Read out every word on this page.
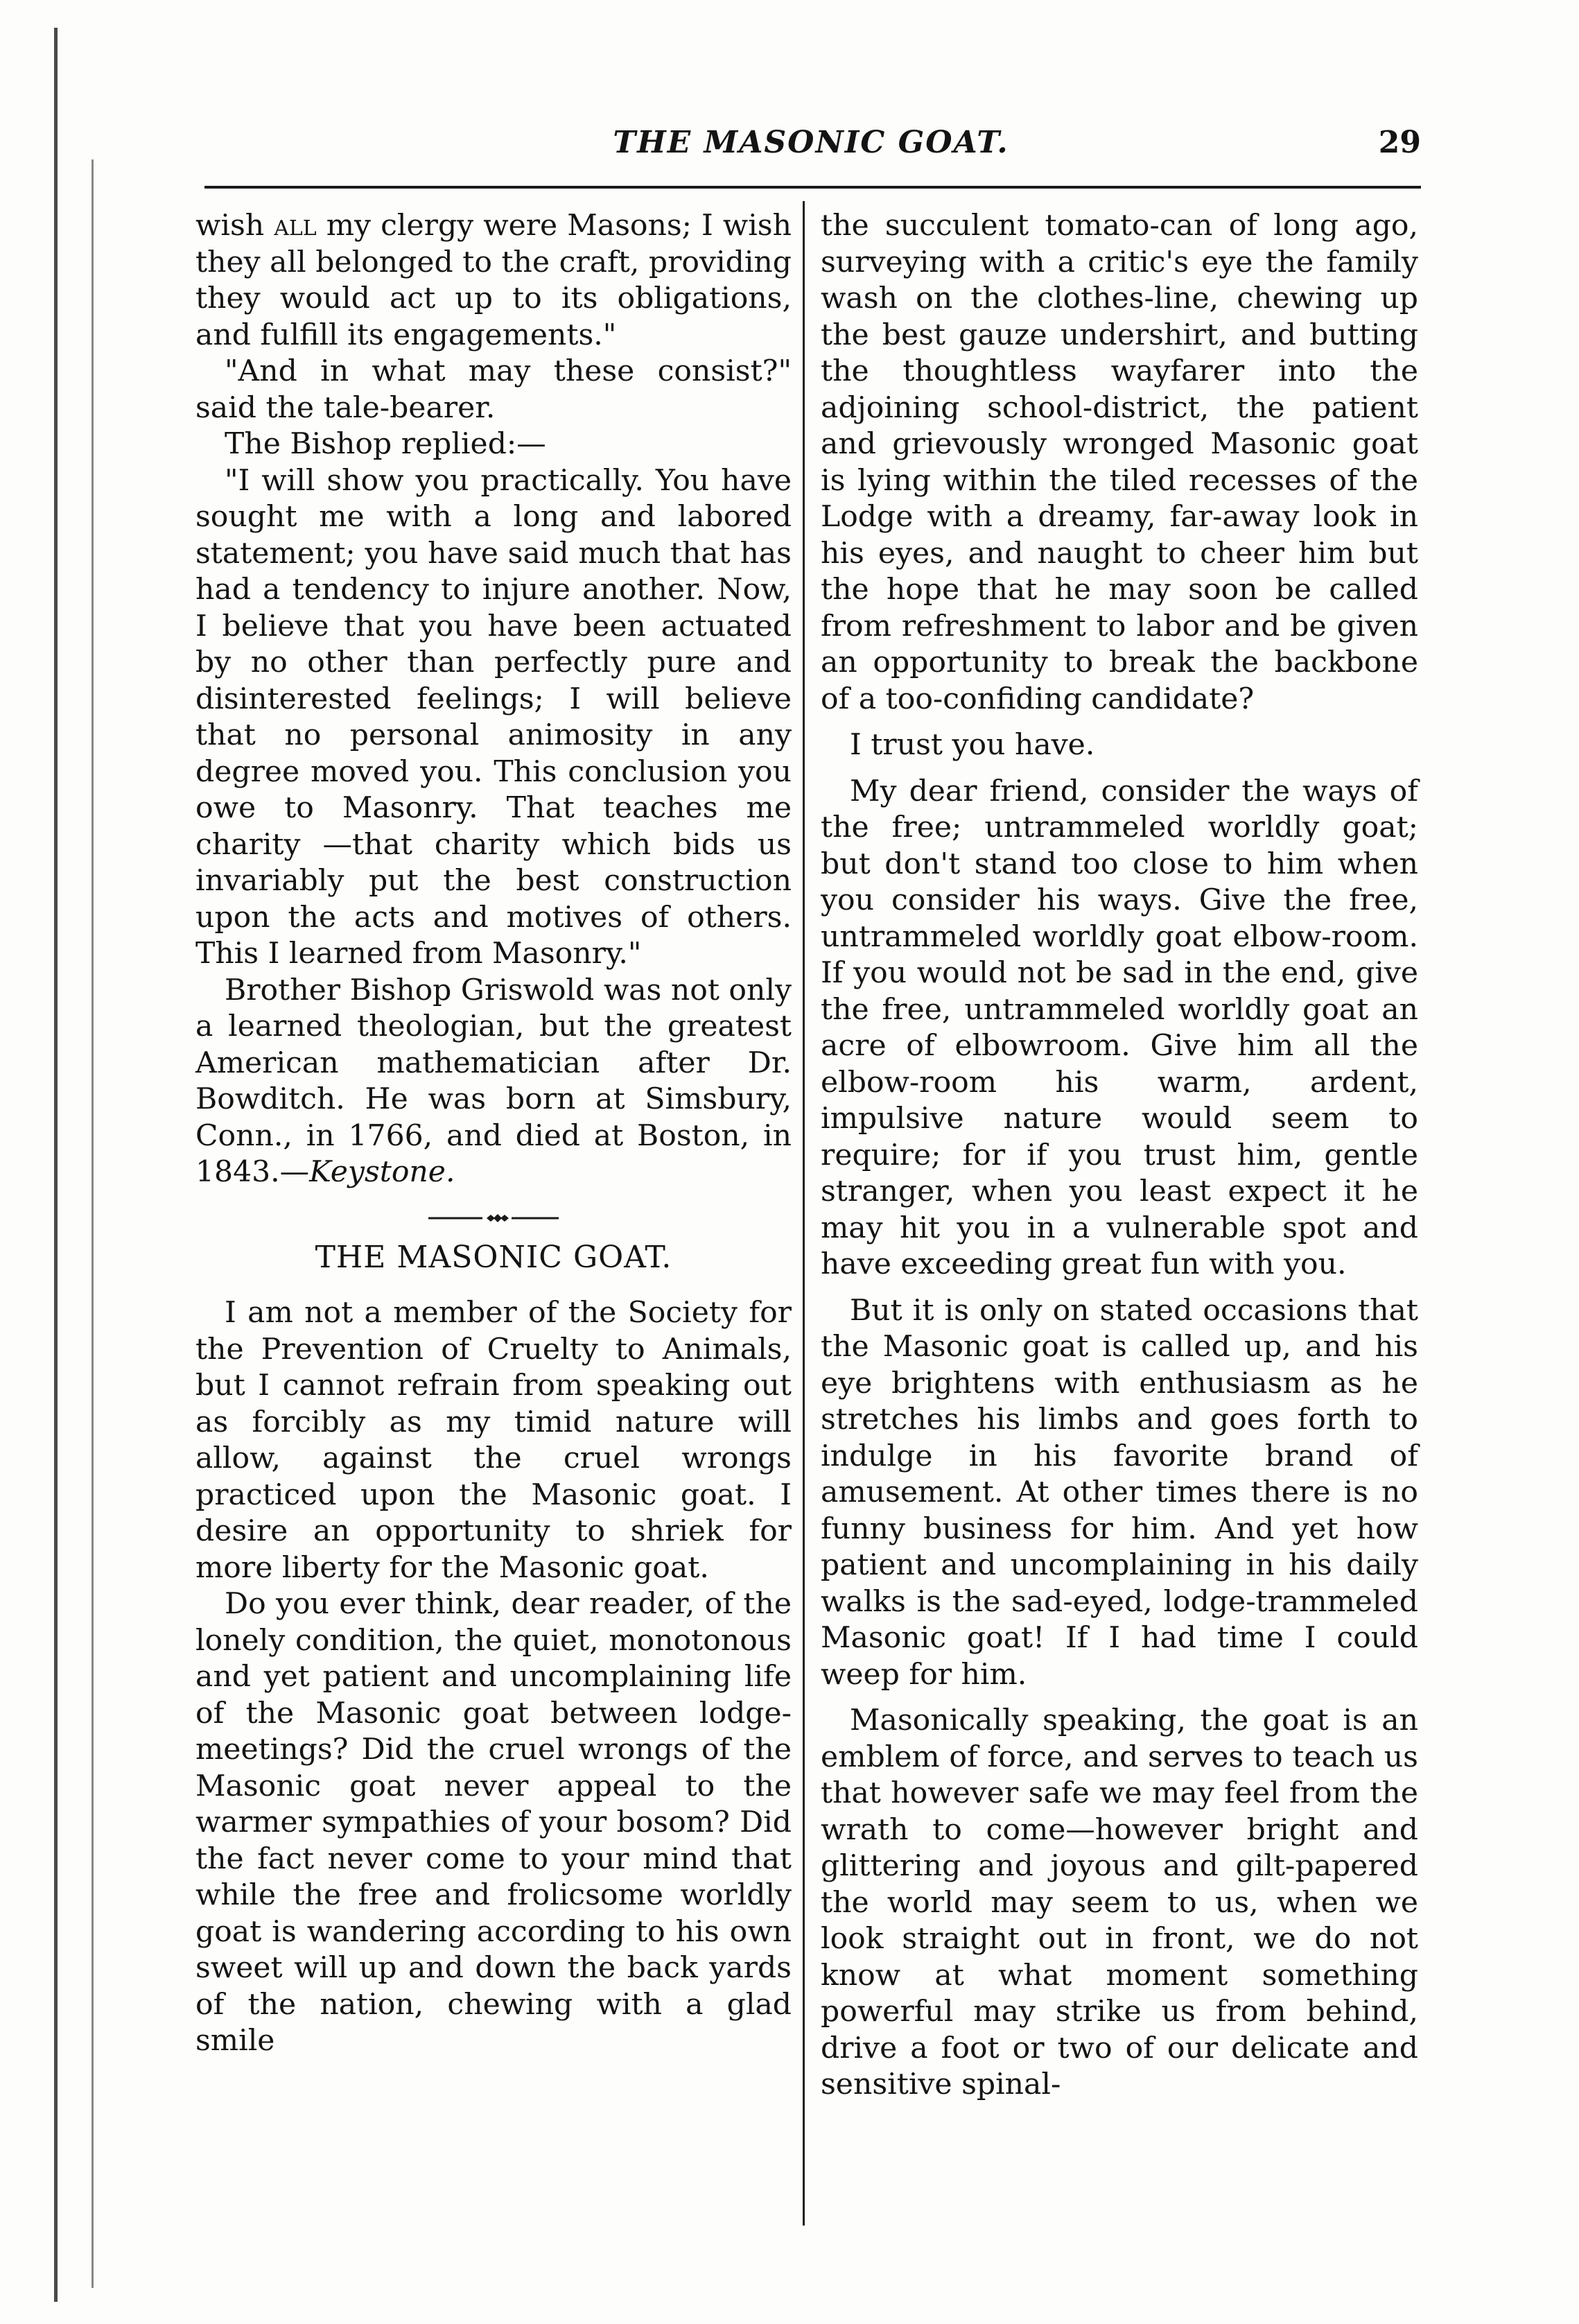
THE MASONIC GOAT.	29

wish all my clergy were Masons; I wish they all belonged to the craft, providing they would act up to its obligations, and fulfill its engagements."

"And in what may these consist?" said the tale-bearer.

The Bishop replied:—

"I will show you practically. You have sought me with a long and labored statement; you have said much that has had a tendency to injure another. Now, I believe that you have been actuated by no other than perfectly pure and disinterested feelings; I will believe that no personal animosity in any degree moved you. This conclusion you owe to Masonry. That teaches me charity —that charity which bids us invariably put the best construction upon the acts and motives of others. This I learned from Masonry."

Brother Bishop Griswold was not only a learned theologian, but the greatest American mathematician after Dr. Bowditch. He was born at Simsbury, Conn., in 1766, and died at Boston, in 1843.—Keystone.

THE MASONIC GOAT.

I am not a member of the Society for the Prevention of Cruelty to Animals, but I cannot refrain from speaking out as forcibly as my timid nature will allow, against the cruel wrongs practiced upon the Masonic goat. I desire an opportunity to shriek for more liberty for the Masonic goat.

Do you ever think, dear reader, of the lonely condition, the quiet, monotonous and yet patient and uncomplaining life of the Masonic goat between lodge-meetings? Did the cruel wrongs of the Masonic goat never appeal to the warmer sympathies of your bosom? Did the fact never come to your mind that while the free and frolicsome worldly goat is wandering according to his own sweet will up and down the back yards of the nation, chewing with a glad smile

the succulent tomato-can of long ago, surveying with a critic's eye the family wash on the clothes-line, chewing up the best gauze undershirt, and butting the thoughtless wayfarer into the adjoining school-district, the patient and grievously wronged Masonic goat is lying within the tiled recesses of the Lodge with a dreamy, far-away look in his eyes, and naught to cheer him but the hope that he may soon be called from refreshment to labor and be given an opportunity to break the backbone of a too-confiding candidate?

I trust you have.

My dear friend, consider the ways of the free; untrammeled worldly goat; but don't stand too close to him when you consider his ways. Give the free, untrammeled worldly goat elbow-room. If you would not be sad in the end, give the free, untrammeled worldly goat an acre of elbowroom. Give him all the elbow-room his warm, ardent, impulsive nature would seem to require; for if you trust him, gentle stranger, when you least expect it he may hit you in a vulnerable spot and have exceeding great fun with you.

But it is only on stated occasions that the Masonic goat is called up, and his eye brightens with enthusiasm as he stretches his limbs and goes forth to indulge in his favorite brand of amusement. At other times there is no funny business for him. And yet how patient and uncomplaining in his daily walks is the sad-eyed, lodge-trammeled Masonic goat! If I had time I could weep for him.

Masonically speaking, the goat is an emblem of force, and serves to teach us that however safe we may feel from the wrath to come—however bright and glittering and joyous and gilt-papered the world may seem to us, when we look straight out in front, we do not know at what moment something powerful may strike us from behind, drive a foot or two of our delicate and sensitive spinal-
